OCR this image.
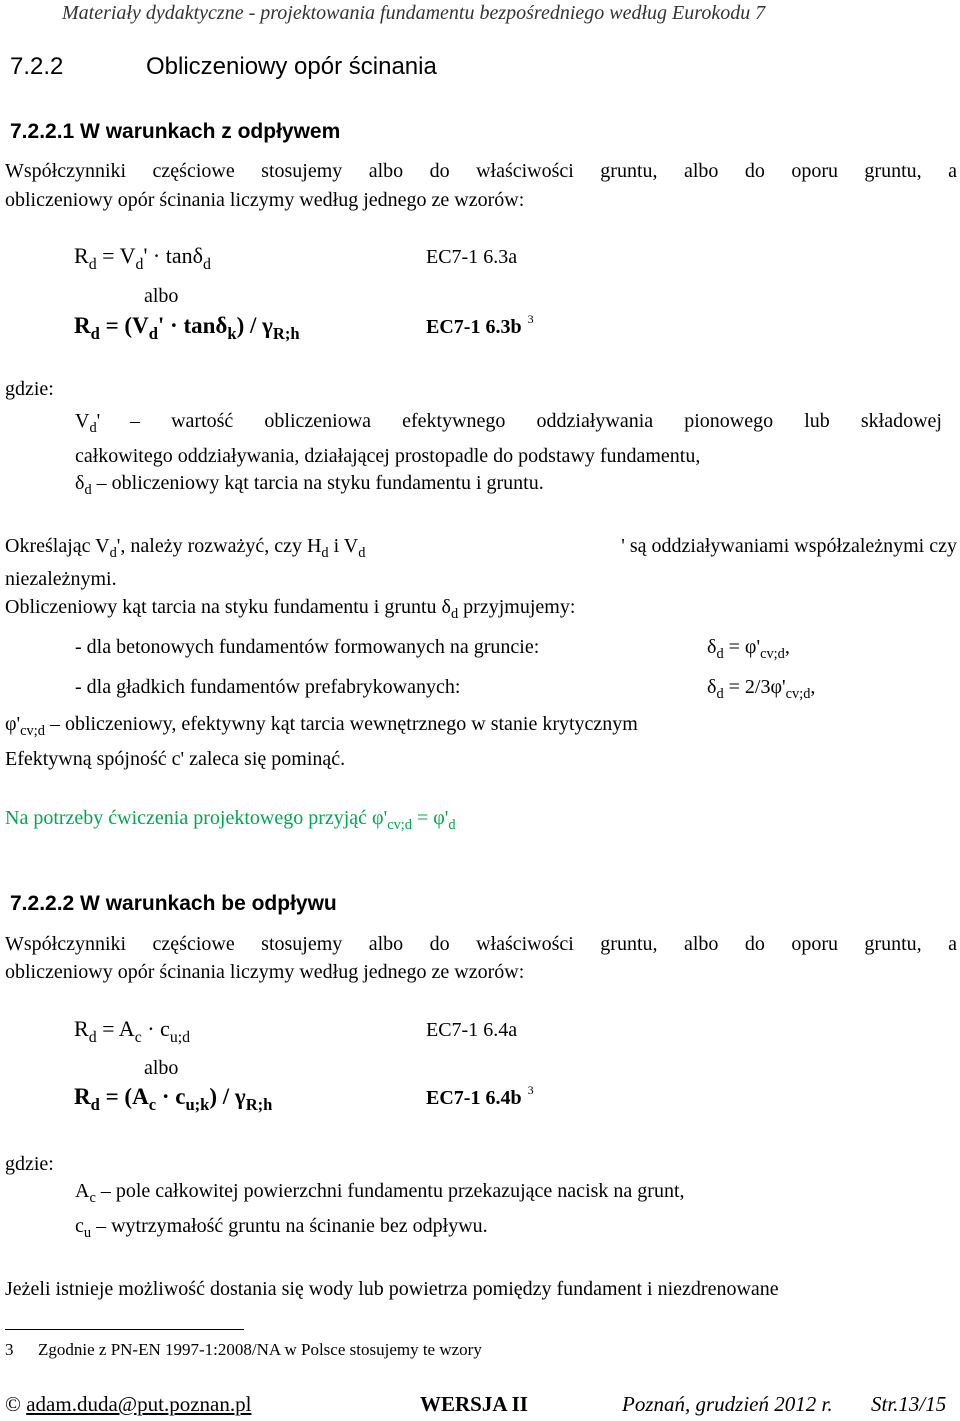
Materiały dydaktyczne - projektowania fundamentu bezpośredniego według Eurokodu 7
7.2.2	Obliczeniowy opór ścinania
7.2.2.1 W warunkach z odpływem
Współczynniki częściowe stosujemy albo do właściwości gruntu, albo do oporu gruntu, a
obliczeniowy opór ścinania liczymy według jednego ze wzorów:
$R_d = V_d' \cdot \tan\delta_d$	EC7-1 6.3a
albo
$R_d = (V_d' \cdot \tan\delta_k) / \gamma_{R;h}$	EC7-1 6.3b $^3$
gdzie:
$V_d'$ – wartość obliczeniowa efektywnego oddziaływania pionowego lub składowej
całkowitego oddziaływania, działającej prostopadle do podstawy fundamentu,
$\delta_d$ – obliczeniowy kąt tarcia na styku fundamentu i gruntu.
Określając $V_d'$, należy rozważyć, czy $H_d$ i $V_d$	' są oddziaływaniami współzależnymi czy
niezależnymi.
Obliczeniowy kąt tarcia na styku fundamentu i gruntu $\delta_d$ przyjmujemy:
- dla betonowych fundamentów formowanych na gruncie:	$\delta_d = \varphi'_{cv;d}$,
- dla gładkich fundamentów prefabrykowanych:	$\delta_d = 2/3\varphi'_{cv;d}$,
$\varphi'_{cv;d}$ – obliczeniowy, efektywny kąt tarcia wewnętrznego w stanie krytycznym
Efektywną spójność c' zaleca się pominąć.
Na potrzeby ćwiczenia projektowego przyjąć $\varphi'_{cv;d} = \varphi'_d$
7.2.2.2 W warunkach be odpływu
Współczynniki częściowe stosujemy albo do właściwości gruntu, albo do oporu gruntu, a
obliczeniowy opór ścinania liczymy według jednego ze wzorów:
$R_d = A_c \cdot c_{u;d}$	EC7-1 6.4a
albo
$R_d = (A_c \cdot c_{u;k}) / \gamma_{R;h}$	EC7-1 6.4b $^3$
gdzie:
$A_c$ – pole całkowitej powierzchni fundamentu przekazujące nacisk na grunt,
$c_u$ – wytrzymałość gruntu na ścinanie bez odpływu.
Jeżeli istnieje możliwość dostania się wody lub powietrza pomiędzy fundament i niezdrenowane
3 Zgodnie z PN-EN 1997-1:2008/NA w Polsce stosujemy te wzory
© adam.duda@put.poznan.pl	WERSJA II	Poznań, grudzień 2012 r. Str.13/15
